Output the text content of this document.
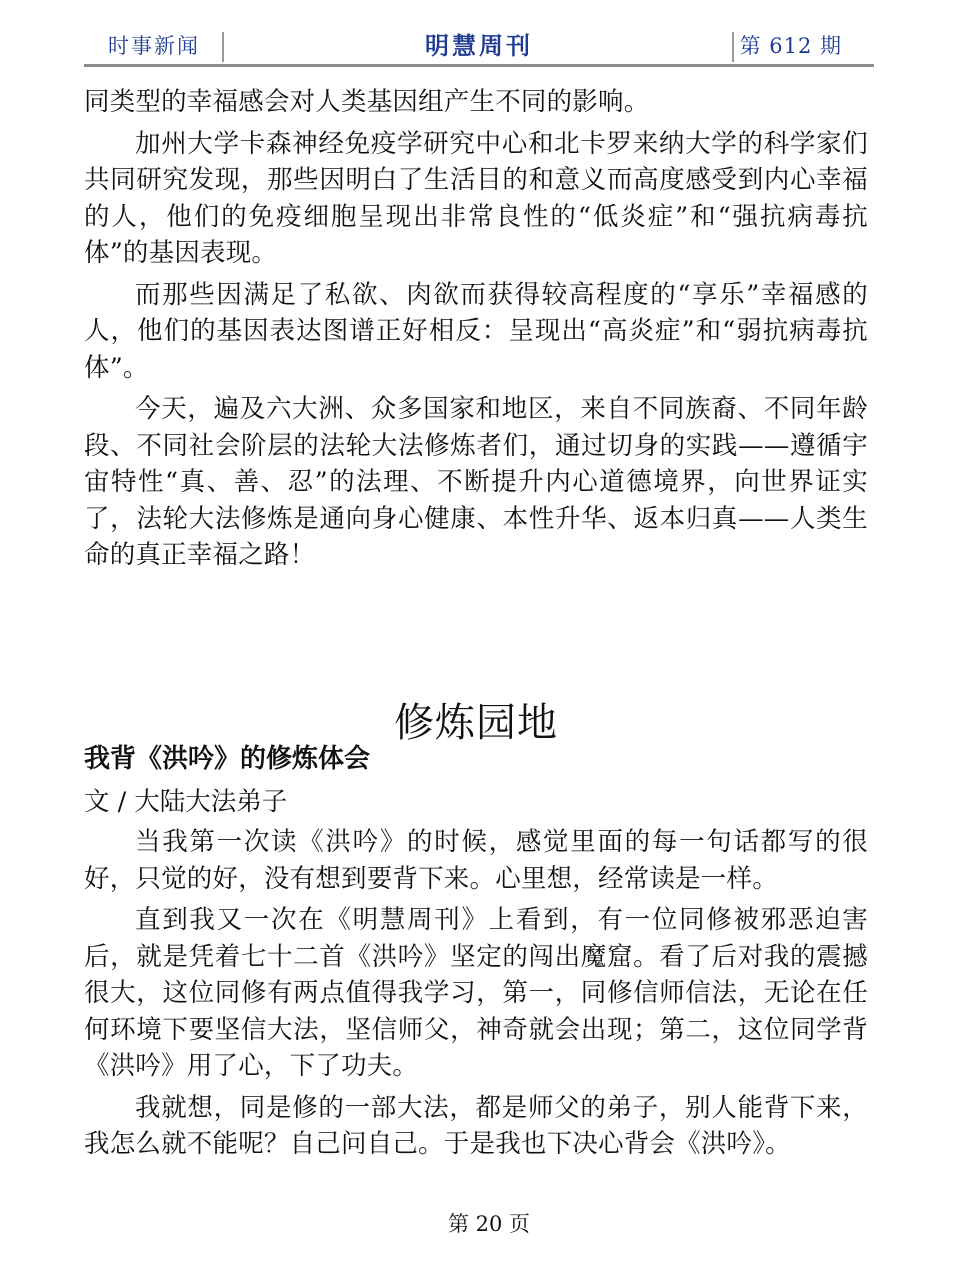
时事新闻	明慧周刊	第 612 期

同类型的幸福感会对人类基因组产生不同的影响。

加州大学卡森神经免疫学研究中心和北卡罗来纳大学的科学家们共同研究发现，那些因明白了生活目的和意义而高度感受到内心幸福的人，他们的免疫细胞呈现出非常良性的“低炎症”和“强抗病毒抗体”的基因表现。

而那些因满足了私欲、肉欲而获得较高程度的“享乐”幸福感的人，他们的基因表达图谱正好相反：呈现出“高炎症”和“弱抗病毒抗体”。

今天，遍及六大洲、众多国家和地区，来自不同族裔、不同年龄段、不同社会阶层的法轮大法修炼者们，通过切身的实践——遵循宇宙特性“真、善、忍”的法理、不断提升内心道德境界，向世界证实了，法轮大法修炼是通向身心健康、本性升华、返本归真——人类生命的真正幸福之路！

修炼园地
我背《洪吟》的修炼体会
文 / 大陆大法弟子

当我第一次读《洪吟》的时候，感觉里面的每一句话都写的很好，只觉的好，没有想到要背下来。心里想，经常读是一样。

直到我又一次在《明慧周刊》上看到，有一位同修被邪恶迫害后，就是凭着七十二首《洪吟》坚定的闯出魔窟。看了后对我的震撼很大，这位同修有两点值得我学习，第一，同修信师信法，无论在任何环境下要坚信大法，坚信师父，神奇就会出现；第二，这位同学背《洪吟》用了心，下了功夫。

我就想，同是修的一部大法，都是师父的弟子，别人能背下来，我怎么就不能呢？自己问自己。于是我也下决心背会《洪吟》。

第 20 页
